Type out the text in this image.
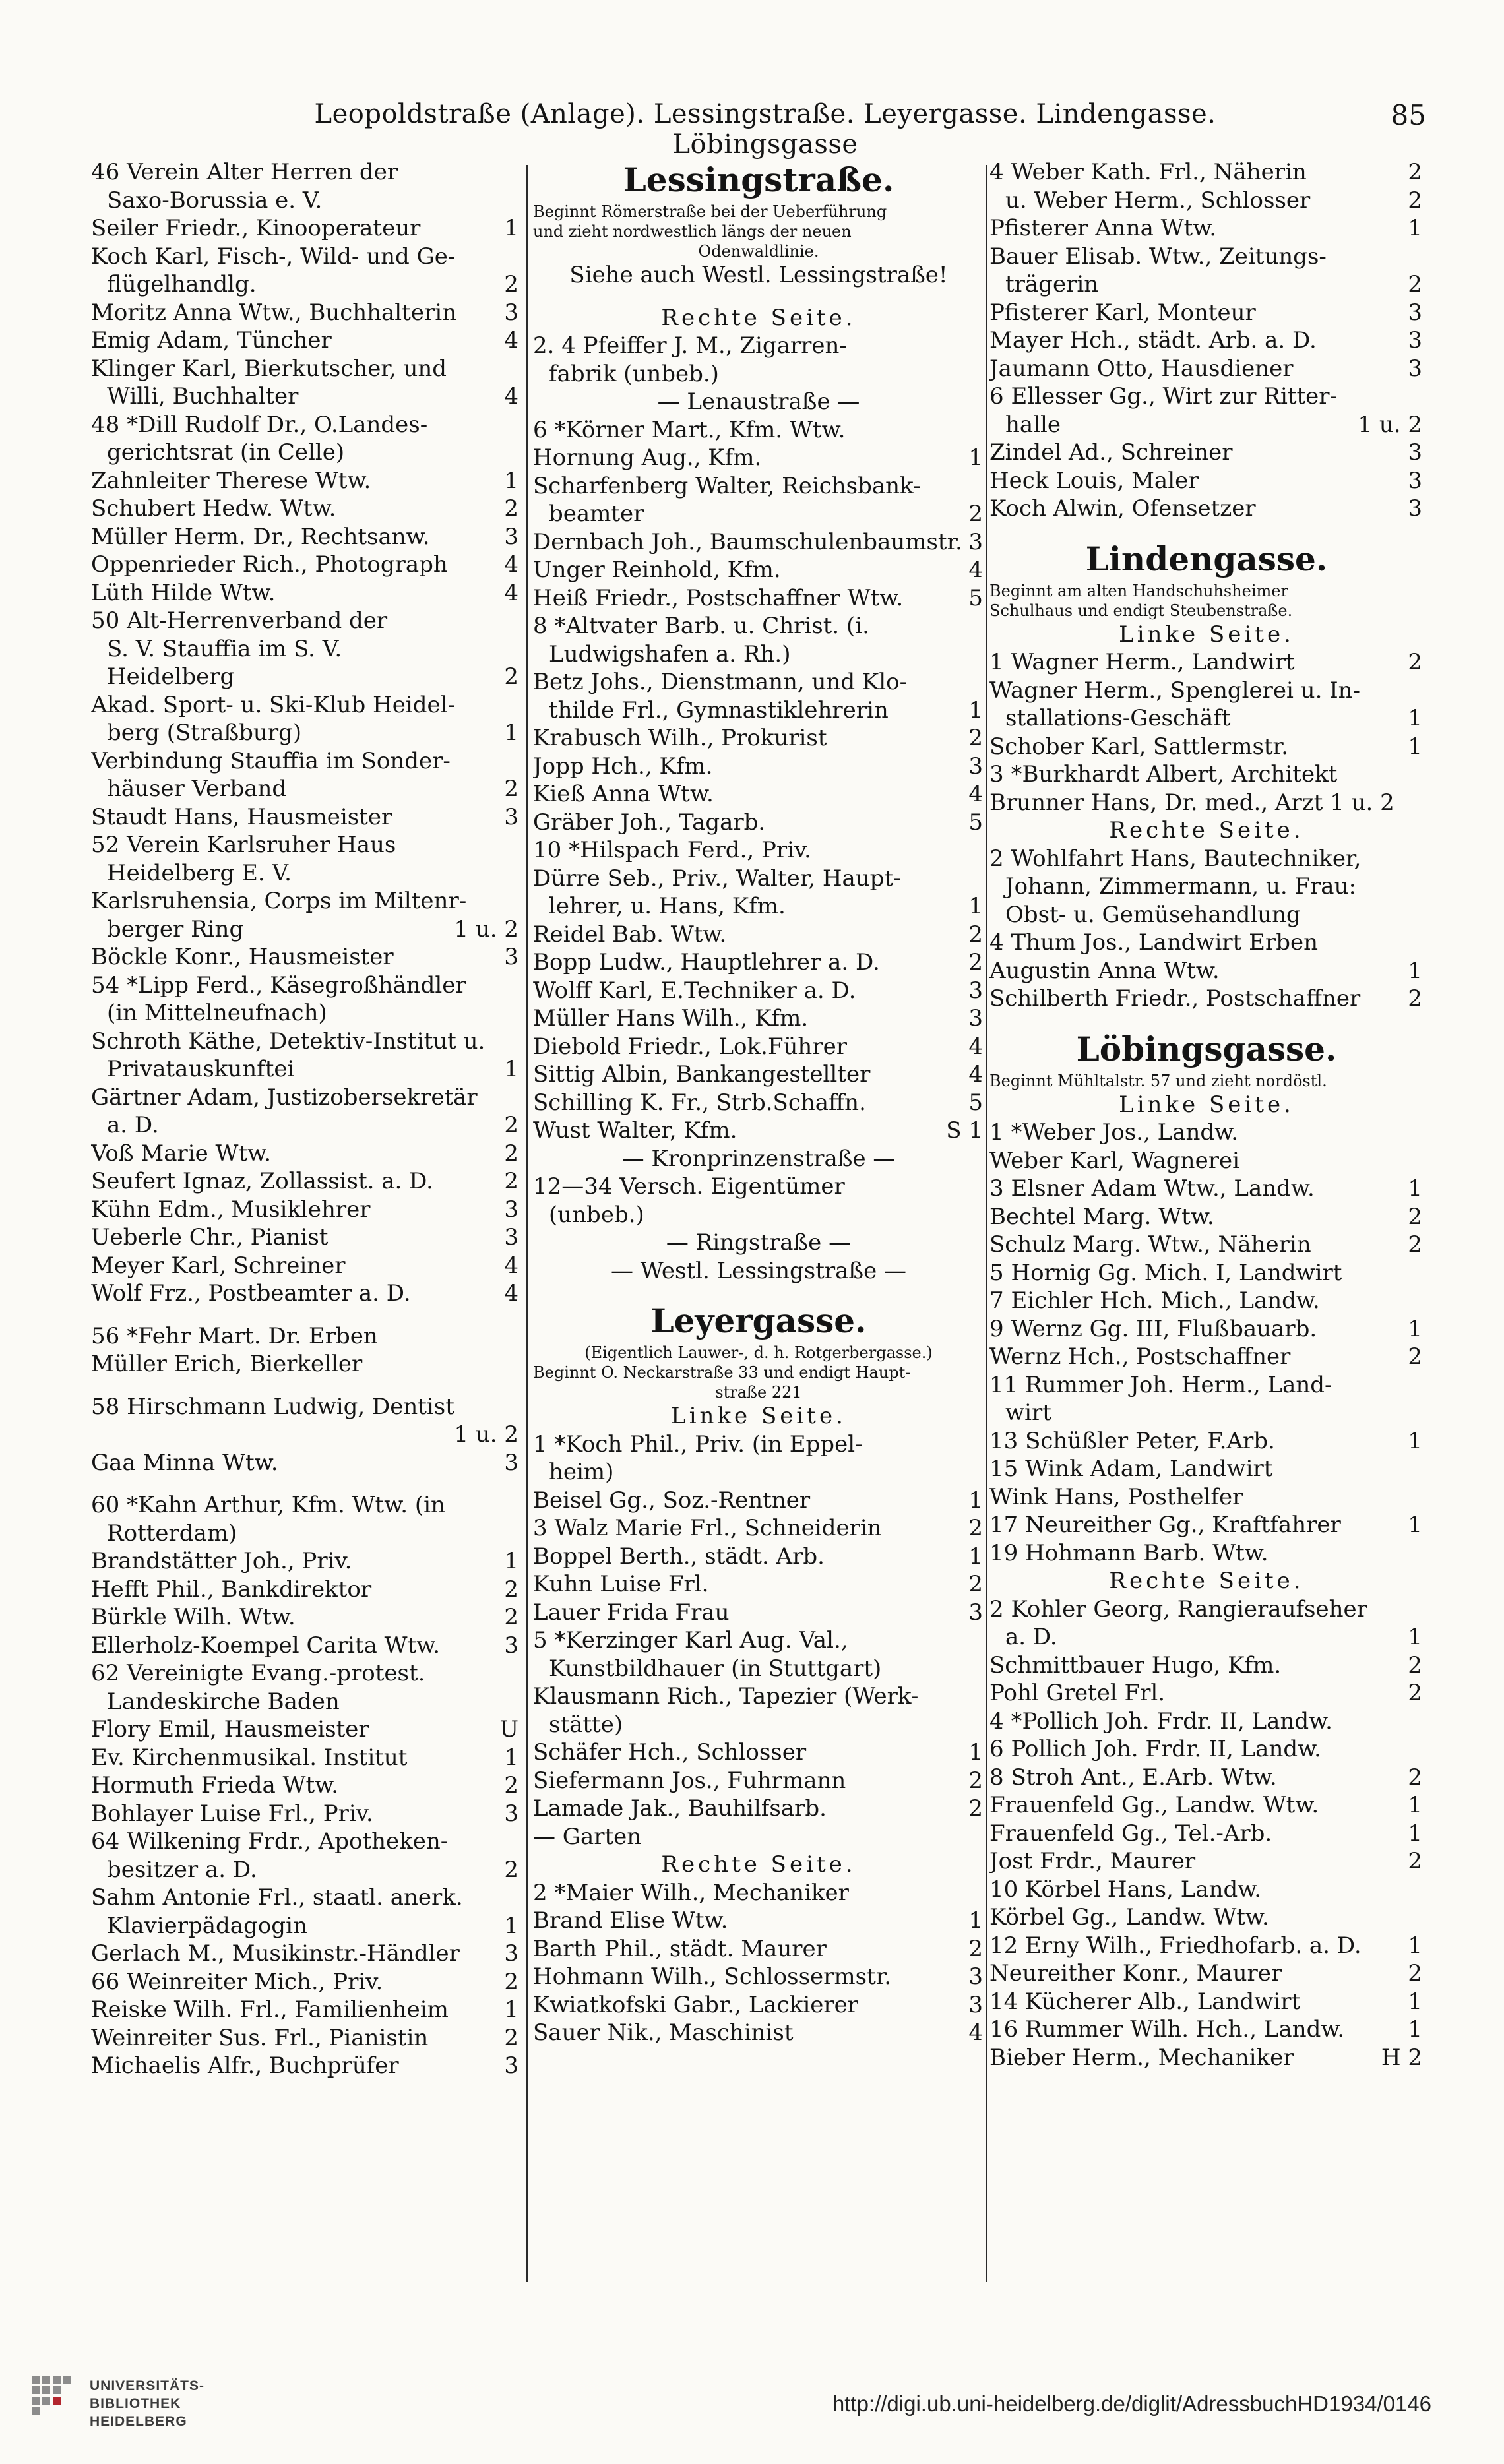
Leopoldstraße (Anlage). Lessingstraße. Leyergasse. Lindengasse. Löbingsgasse
85
46 Verein Alter Herren der
Saxo-Borussia e. V.
Seiler Friedr., Kinooperateur	1
Koch Karl, Fisch-, Wild- und Ge-
flügelhandlg.	2
Moritz Anna Wtw., Buchhalterin 3
Emig Adam, Tüncher	4
Klinger Karl, Bierkutscher, und
Willi, Buchhalter	4
48 *Dill Rudolf Dr., O.Landes-
gerichtsrat (in Celle)
Zahnleiter Therese Wtw.	1
Schubert Hedw. Wtw.	2
Müller Herm. Dr., Rechtsanw.	3
Oppenrieder Rich., Photograph	4
Lüth Hilde Wtw.	4
50 Alt-Herrenverband der
S. V. Stauffia im S. V.
Heidelberg	2
Akad. Sport- u. Ski-Klub Heidel-
berg (Straßburg)	1
Verbindung Stauffia im Sonder-
häuser Verband	2
Staudt Hans, Hausmeister	3
52 Verein Karlsruher Haus
Heidelberg E. V.
Karlsruhensia, Corps im Miltenr-
berger Ring	1 u. 2
Böckle Konr., Hausmeister	3
54 *Lipp Ferd., Käsegroßhändler
(in Mittelneufnach)
Schroth Käthe, Detektiv-Institut u.
Privatauskunftei	1
Gärtner Adam, Justizobersekretär
a. D.	2
Voß Marie Wtw.	2
Seufert Ignaz, Zollassist. a. D.	2
Kühn Edm., Musiklehrer	3
Ueberle Chr., Pianist	3
Meyer Karl, Schreiner	4
Wolf Frz., Postbeamter a. D.	4
56 *Fehr Mart. Dr. Erben
Müller Erich, Bierkeller
58 Hirschmann Ludwig, Dentist
1 u. 2
Gaa Minna Wtw.	3
60 *Kahn Arthur, Kfm. Wtw. (in
Rotterdam)
Brandstätter Joh., Priv.	1
Hefft Phil., Bankdirektor	2
Bürkle Wilh. Wtw.	2
Ellerholz-Koempel Carita Wtw.	3
62 Vereinigte Evang.-protest.
Landeskirche Baden
Flory Emil, Hausmeister	U
Ev. Kirchenmusikal. Institut	1
Hormuth Frieda Wtw.	2
Bohlayer Luise Frl., Priv.	3
64 Wilkening Frdr., Apotheken-
besitzer a. D.	2
Sahm Antonie Frl., staatl. anerk.
Klavierpädagogin	1
Gerlach M., Musikinstr.-Händler 3
66 Weinreiter Mich., Priv.	2
Reiske Wilh. Frl., Familienheim 1
Weinreiter Sus. Frl., Pianistin	2
Michaelis Alfr., Buchprüfer	3
Lessingstraße.
Beginnt Römerstraße bei der Ueberführung
und zieht nordwestlich längs der neuen
Odenwaldlinie.
Siehe auch Westl. Lessingstraße!
Rechte Seite.
2. 4 Pfeiffer J. M., Zigarren-
fabrik (unbeb.)
— Lenaustraße —
6 *Körner Mart., Kfm. Wtw.
Hornung Aug., Kfm.	1
Scharfenberg Walter, Reichsbank-
beamter	2
Dernbach Joh., Baumschulenbaumstr. 3
Unger Reinhold, Kfm.	4
Heiß Friedr., Postschaffner Wtw.	5
8 *Altvater Barb. u. Christ. (i.
Ludwigshafen a. Rh.)
Betz Johs., Dienstmann, und Klo-
thilde Frl., Gymnastiklehrerin	1
Krabusch Wilh., Prokurist	2
Jopp Hch., Kfm.	3
Kieß Anna Wtw.	4
Gräber Joh., Tagarb.	5
10 *Hilspach Ferd., Priv.
Dürre Seb., Priv., Walter, Haupt-
lehrer, u. Hans, Kfm.	1
Reidel Bab. Wtw.	2
Bopp Ludw., Hauptlehrer a. D.	2
Wolff Karl, E.Techniker a. D.	3
Müller Hans Wilh., Kfm.	3
Diebold Friedr., Lok.Führer	4
Sittig Albin, Bankangestellter	4
Schilling K. Fr., Strb.Schaffn.	5
Wust Walter, Kfm.	S 1
— Kronprinzenstraße —
12—34 Versch. Eigentümer
(unbeb.)
— Ringstraße —
— Westl. Lessingstraße —
Leyergasse.
(Eigentlich Lauwer-, d. h. Rotgerbergasse.)
Beginnt O. Neckarstraße 33 und endigt Haupt-
straße 221
Linke Seite.
1 *Koch Phil., Priv. (in Eppel-
heim)
Beisel Gg., Soz.-Rentner	1
3 Walz Marie Frl., Schneiderin	2
Boppel Berth., städt. Arb.	1
Kuhn Luise Frl.	2
Lauer Frida Frau	3
5 *Kerzinger Karl Aug. Val.,
Kunstbildhauer (in Stuttgart)
Klausmann Rich., Tapezier (Werk-
stätte)
Schäfer Hch., Schlosser	1
Siefermann Jos., Fuhrmann	2
Lamade Jak., Bauhilfsarb.	2
— Garten
Rechte Seite.
2 *Maier Wilh., Mechaniker
Brand Elise Wtw.	1
Barth Phil., städt. Maurer	2
Hohmann Wilh., Schlossermstr.	3
Kwiatkofski Gabr., Lackierer	3
Sauer Nik., Maschinist	4
4 Weber Kath. Frl., Näherin	2
u. Weber Herm., Schlosser	2
Pfisterer Anna Wtw.	1
Bauer Elisab. Wtw., Zeitungs-
trägerin	2
Pfisterer Karl, Monteur	3
Mayer Hch., städt. Arb. a. D.	3
Jaumann Otto, Hausdiener	3
6 Ellesser Gg., Wirt zur Ritter-
halle	1 u. 2
Zindel Ad., Schreiner	3
Heck Louis, Maler	3
Koch Alwin, Ofensetzer	3
Lindengasse.
Beginnt am alten Handschuhsheimer
Schulhaus und endigt Steubenstraße.
Linke Seite.
1 Wagner Herm., Landwirt	2
Wagner Herm., Spenglerei u. In-
stallations-Geschäft	1
Schober Karl, Sattlermstr.	1
3 *Burkhardt Albert, Architekt
Brunner Hans, Dr. med., Arzt 1 u. 2
Rechte Seite.
2 Wohlfahrt Hans, Bautechniker,
Johann, Zimmermann, u. Frau:
Obst- u. Gemüsehandlung
4 Thum Jos., Landwirt Erben
Augustin Anna Wtw.	1
Schilberth Friedr., Postschaffner 2
Löbingsgasse.
Beginnt Mühltalstr. 57 und zieht nordöstl.
Linke Seite.
1 *Weber Jos., Landw.
Weber Karl, Wagnerei
3 Elsner Adam Wtw., Landw.	1
Bechtel Marg. Wtw.	2
Schulz Marg. Wtw., Näherin	2
5 Hornig Gg. Mich. I, Landwirt
7 Eichler Hch. Mich., Landw.
9 Wernz Gg. III, Flußbauarb.	1
Wernz Hch., Postschaffner	2
11 Rummer Joh. Herm., Land-
wirt
13 Schüßler Peter, F.Arb.	1
15 Wink Adam, Landwirt
Wink Hans, Posthelfer
17 Neureither Gg., Kraftfahrer	1
19 Hohmann Barb. Wtw.
Rechte Seite.
2 Kohler Georg, Rangieraufseher
a. D.	1
Schmittbauer Hugo, Kfm.	2
Pohl Gretel Frl.	2
4 *Pollich Joh. Frdr. II, Landw.
6 Pollich Joh. Frdr. II, Landw.
8 Stroh Ant., E.Arb. Wtw.	2
Frauenfeld Gg., Landw. Wtw.	1
Frauenfeld Gg., Tel.-Arb.	1
Jost Frdr., Maurer	2
10 Körbel Hans, Landw.
Körbel Gg., Landw. Wtw.
12 Erny Wilh., Friedhofarb. a. D. 1
Neureither Konr., Maurer	2
14 Kücherer Alb., Landwirt	1
16 Rummer Wilh. Hch., Landw.	1
Bieber Herm., Mechaniker	H 2
UNIVERSITÄTS-
BIBLIOTHEK
HEIDELBERG
http://digi.ub.uni-heidelberg.de/diglit/AdressbuchHD1934/0146
